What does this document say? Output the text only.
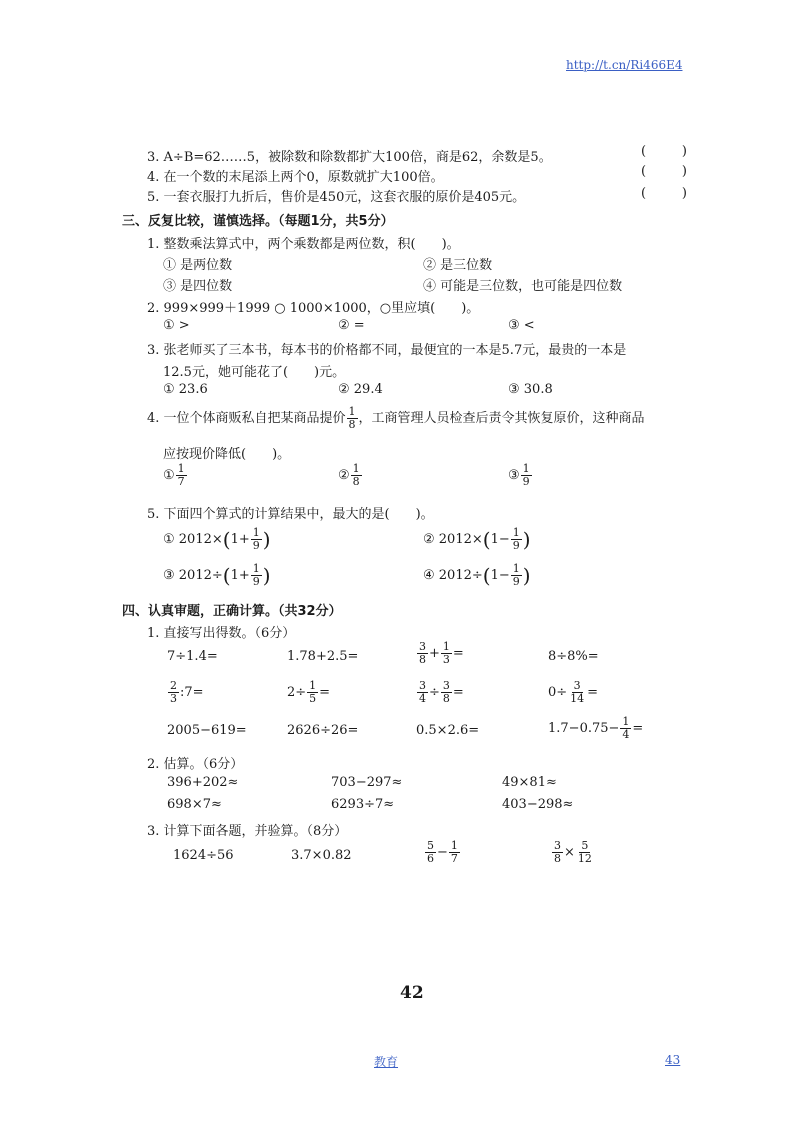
http://t.cn/Ri466E4
3. A÷B=62……5，被除数和除数都扩大100倍，商是62，余数是5。	(	)
4. 在一个数的末尾添上两个0，原数就扩大100倍。	(	)
5. 一套衣服打九折后，售价是450元，这套衣服的原价是405元。	(	)
三、反复比较，谨慎选择。（每题1分，共5分）
1. 整数乘法算式中，两个乘数都是两位数，积(　　)。
① 是两位数	② 是三位数
③ 是四位数	④ 可能是三位数，也可能是四位数
2. 999×999＋1999 ○ 1000×1000，○里应填(　　)。
① >	② =	③ <
3. 张老师买了三本书，每本书的价格都不同，最便宜的一本是5.7元，最贵的一本是
12.5元，她可能花了(　　)元。
① 23.6	② 29.4	③ 30.8
4. 一位个体商贩私自把某商品提价 $\frac{1}{8}$ ，工商管理人员检查后责令其恢复原价，这种商品
应按现价降低(　　)。
① $\frac{1}{7}$	② $\frac{1}{8}$	③ $\frac{1}{9}$
5. 下面四个算式的计算结果中，最大的是(　　)。
① $2012\times(1+ \frac{1}{9}$ )	② $2012\times(1- \frac{1}{9}$ )
③ $2012\div(1+ \frac{1}{9}$ )	④ $2012\div(1- \frac{1}{9}$ )
四、认真审题，正确计算。（共32分）
1. 直接写出得数。（6分）
7÷1.4=	1.78+2.5=	$\frac{3}{8} + \frac{1}{3}$ =	8÷8%=
$\frac{2}{3}$ :7=	$2\div \frac{1}{5}$ =	$\frac{3}{4} \div \frac{3}{8}$ =	$0\div \frac{3}{14}$ =
2005−619=	2626÷26=	0.5×2.6=	$1.7-0.75- \frac{1}{4}$ =
2. 估算。（6分）
396+202≈	703−297≈	49×81≈
698×7≈	6293÷7≈	403−298≈
3. 计算下面各题，并验算。（8分）
1624÷56	3.7×0.82	$\frac{5}{6} - \frac{1}{7}$	$\frac{3}{8} \times \frac{5}{12}$
42
教育	43
